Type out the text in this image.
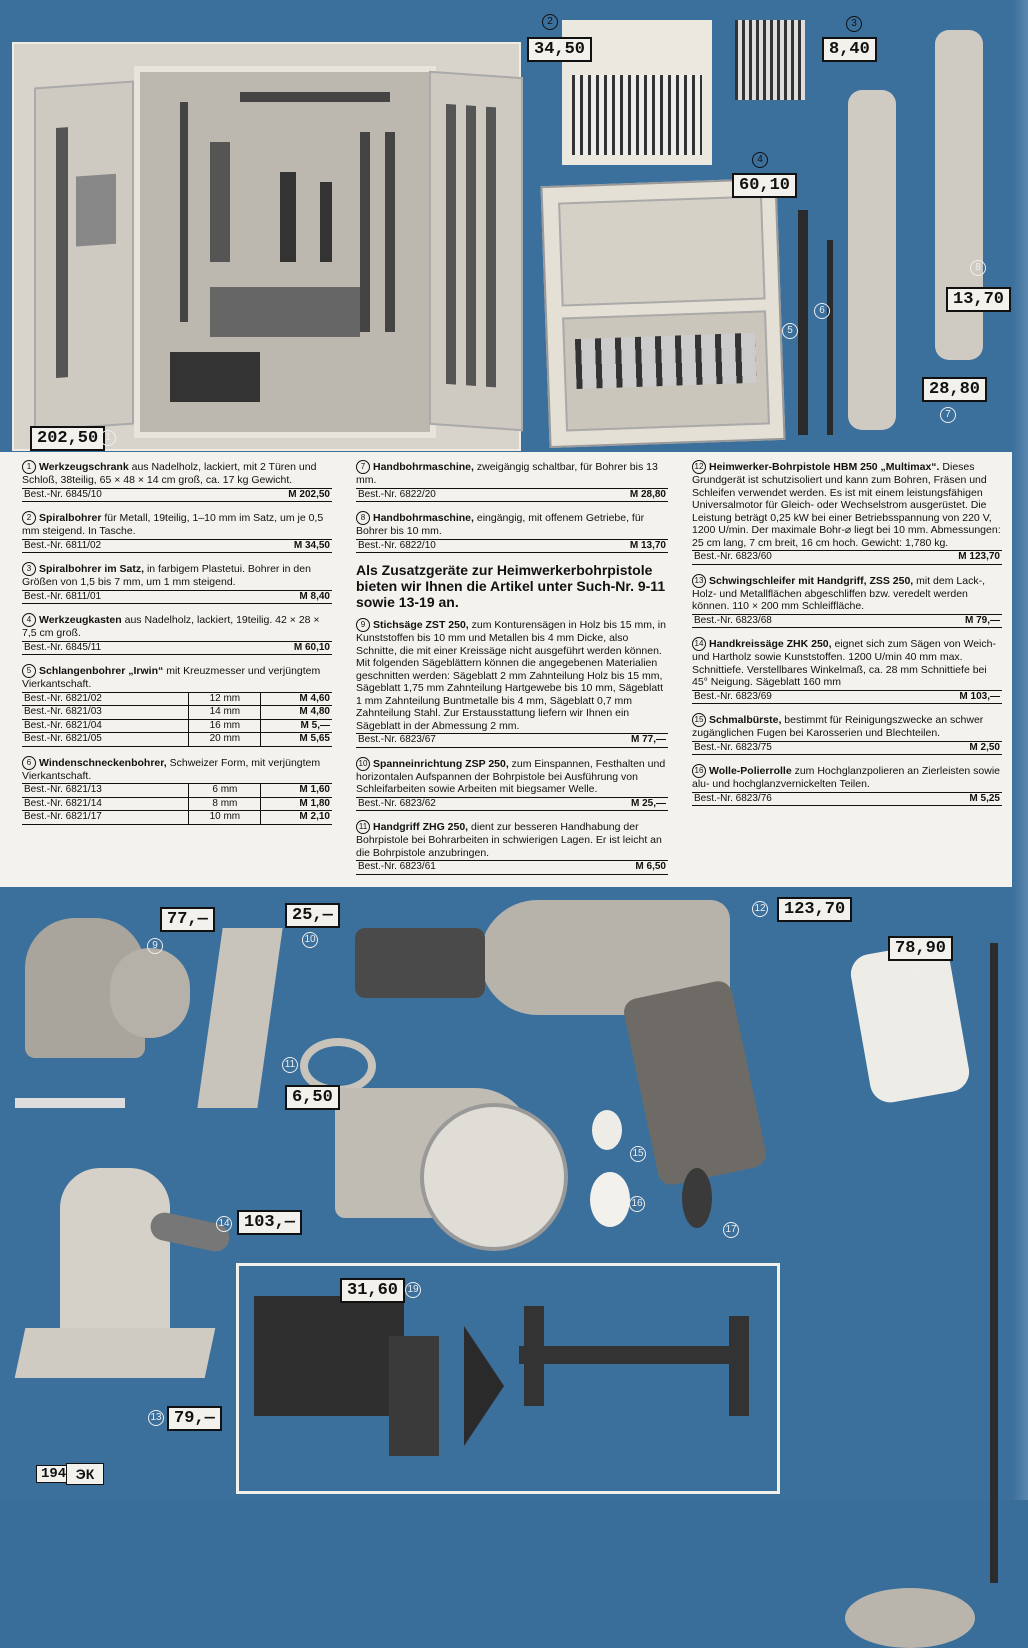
202,50 1
2
34,50
3
8,40
4
60,10
5
6
8
13,70
28,80
7

1 Werkzeugschrank aus Nadelholz, lackiert, mit 2 Türen und Schloß, 38teilig, 65 × 48 × 14 cm groß, ca. 17 kg Gewicht.

Best.-Nr. 6845/10	M 202,50

2 Spiralbohrer für Metall, 19teilig, 1–10 mm im Satz, um je 0,5 mm steigend. In Tasche.

Best.-Nr. 6811/02	M 34,50

3 Spiralbohrer im Satz, in farbigem Plastetui. Bohrer in den Größen von 1,5 bis 7 mm, um 1 mm steigend.

Best.-Nr. 6811/01	M 8,40

4 Werkzeugkasten aus Nadelholz, lackiert, 19teilig. 42 × 28 × 7,5 cm groß.

Best.-Nr. 6845/11	M 60,10

5 Schlangenbohrer „Irwin“ mit Kreuzmesser und verjüngtem Vierkantschaft.

Best.-Nr. 6821/02	12 mm	M 4,60
Best.-Nr. 6821/03	14 mm	M 4,80
Best.-Nr. 6821/04	16 mm	M 5,—
Best.-Nr. 6821/05	20 mm	M 5,65

6 Windenschneckenbohrer, Schweizer Form, mit verjüngtem Vierkantschaft.

Best.-Nr. 6821/13	6 mm	M 1,60
Best.-Nr. 6821/14	8 mm	M 1,80
Best.-Nr. 6821/17	10 mm	M 2,10

7 Handbohrmaschine, zweigängig schaltbar, für Bohrer bis 13 mm.

Best.-Nr. 6822/20	M 28,80

8 Handbohrmaschine, eingängig, mit offenem Getriebe, für Bohrer bis 10 mm.

Best.-Nr. 6822/10	M 13,70
Als Zusatzgeräte zur Heimwerkerbohrpistole bieten wir Ihnen die Artikel unter Such-Nr. 9-11 sowie 13-19 an.

9 Stichsäge ZST 250, zum Konturensägen in Holz bis 15 mm, in Kunststoffen bis 10 mm und Metallen bis 4 mm Dicke, also Schnitte, die mit einer Kreissäge nicht ausgeführt werden können. Mit folgenden Sägeblättern können die angegebenen Materialien geschnitten werden: Sägeblatt 2 mm Zahnteilung Holz bis 15 mm, Sägeblatt 1,75 mm Zahnteilung Hartgewebe bis 10 mm, Sägeblatt 1 mm Zahnteilung Buntmetalle bis 4 mm, Sägeblatt 0,7 mm Zahnteilung Stahl. Zur Erstausstattung liefern wir Ihnen ein Sägeblatt in der Abmessung 2 mm.

Best.-Nr. 6823/67	M 77,—

10 Spanneinrichtung ZSP 250, zum Einspannen, Festhalten und horizontalen Aufspannen der Bohrpistole bei Ausführung von Schleifarbeiten sowie Arbeiten mit biegsamer Welle.

Best.-Nr. 6823/62	M 25,—

11 Handgriff ZHG 250, dient zur besseren Handhabung der Bohrpistole bei Bohrarbeiten in schwierigen Lagen. Er ist leicht an die Bohrpistole anzubringen.

Best.-Nr. 6823/61	M 6,50

12 Heimwerker-Bohrpistole HBM 250 „Multimax“. Dieses Grundgerät ist schutzisoliert und kann zum Bohren, Fräsen und Schleifen verwendet werden. Es ist mit einem leistungsfähigen Universalmotor für Gleich- oder Wechselstrom ausgerüstet. Die Leistung beträgt 0,25 kW bei einer Betriebsspannung von 220 V, 1200 U/min. Der maximale Bohr-⌀ liegt bei 10 mm. Abmessungen: 25 cm lang, 7 cm breit, 16 cm hoch. Gewicht: 1,780 kg.

Best.-Nr. 6823/60	M 123,70

13 Schwingschleifer mit Handgriff, ZSS 250, mit dem Lack-, Holz- und Metallflächen abgeschliffen bzw. veredelt werden können. 110 × 200 mm Schleiffläche.

Best.-Nr. 6823/68	M 79,—

14 Handkreissäge ZHK 250, eignet sich zum Sägen von Weich- und Hartholz sowie Kunststoffen. 1200 U/min 40 mm max. Schnittiefe. Verstellbares Winkelmaß, ca. 28 mm Schnittiefe bei 45° Neigung. Sägeblatt 160 mm

Best.-Nr. 6823/69	M 103,—

15 Schmalbürste, bestimmt für Reinigungszwecke an schwer zugänglichen Fugen bei Karosserien und Blechteilen.

Best.-Nr. 6823/75	M 2,50

16 Wolle-Polierrolle zum Hochglanzpolieren an Zierleisten sowie alu- und hochglanzvernickelten Teilen.

Best.-Nr. 6823/76	M 5,25
77,—
9
25,—
10
11
6,50
12	123,70
78,90
18
15
16
17
14 103,—
31,60 19
13 79,—
194 ЭК
